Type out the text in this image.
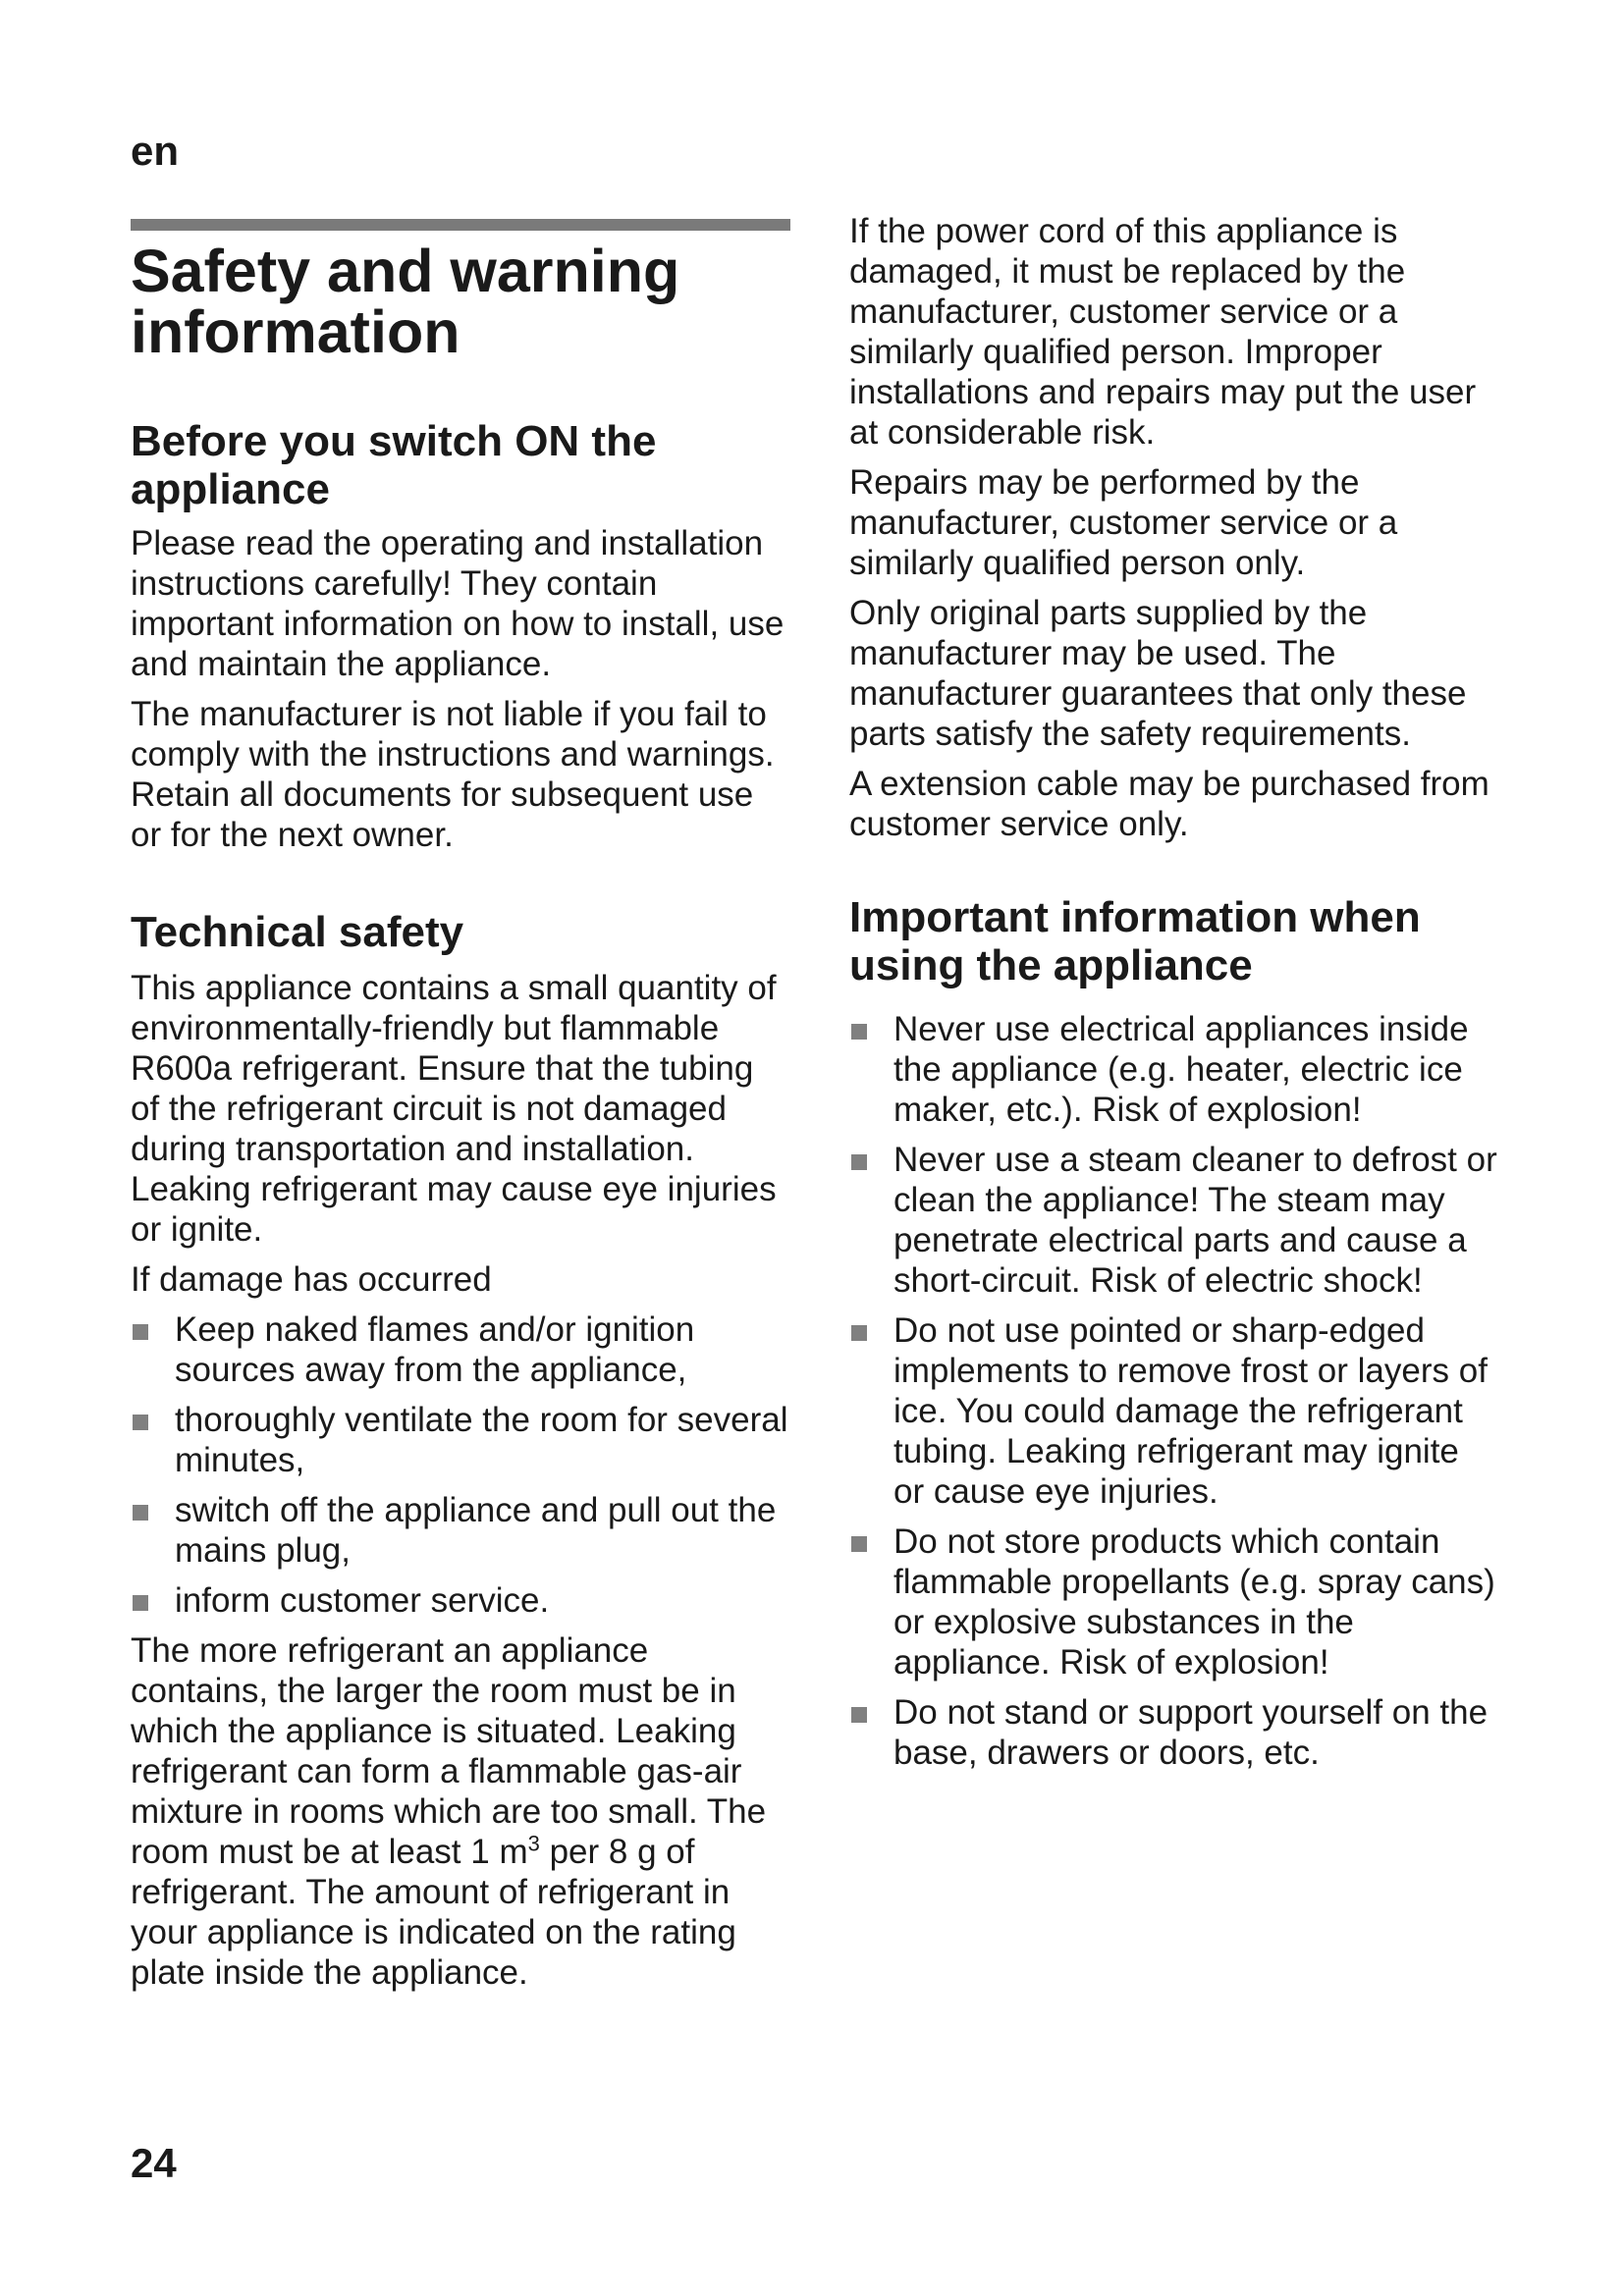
en
Safety and warning information
Before you switch ON the appliance

Please read the operating and installation instructions carefully! They contain important information on how to install, use and maintain the appliance.

The manufacturer is not liable if you fail to comply with the instructions and warnings. Retain all documents for subsequent use or for the next owner.

Technical safety

This appliance contains a small quantity of environmentally-friendly but flammable R600a refrigerant. Ensure that the tubing of the refrigerant circuit is not damaged during transportation and installation. Leaking refrigerant may cause eye injuries or ignite.

If damage has occurred

Keep naked flames and/or ignition sources away from the appliance,
thoroughly ventilate the room for several minutes,
switch off the appliance and pull out the mains plug,
inform customer service.

The more refrigerant an appliance contains, the larger the room must be in which the appliance is situated. Leaking refrigerant can form a flammable gas-air mixture in rooms which are too small. The room must be at least 1 $m^3$ per 8 g of refrigerant. The amount of refrigerant in your appliance is indicated on the rating plate inside the appliance.

If the power cord of this appliance is damaged, it must be replaced by the manufacturer, customer service or a similarly qualified person. Improper installations and repairs may put the user at considerable risk.

Repairs may be performed by the manufacturer, customer service or a similarly qualified person only.

Only original parts supplied by the manufacturer may be used. The manufacturer guarantees that only these parts satisfy the safety requirements.

A extension cable may be purchased from customer service only.

Important information when using the appliance
Never use electrical appliances inside the appliance (e.g. heater, electric ice maker, etc.). Risk of explosion!
Never use a steam cleaner to defrost or clean the appliance! The steam may penetrate electrical parts and cause a short-circuit. Risk of electric shock!
Do not use pointed or sharp-edged implements to remove frost or layers of ice. You could damage the refrigerant tubing. Leaking refrigerant may ignite or cause eye injuries.
Do not store products which contain flammable propellants (e.g. spray cans) or explosive substances in the appliance. Risk of explosion!
Do not stand or support yourself on the base, drawers or doors, etc.
24
